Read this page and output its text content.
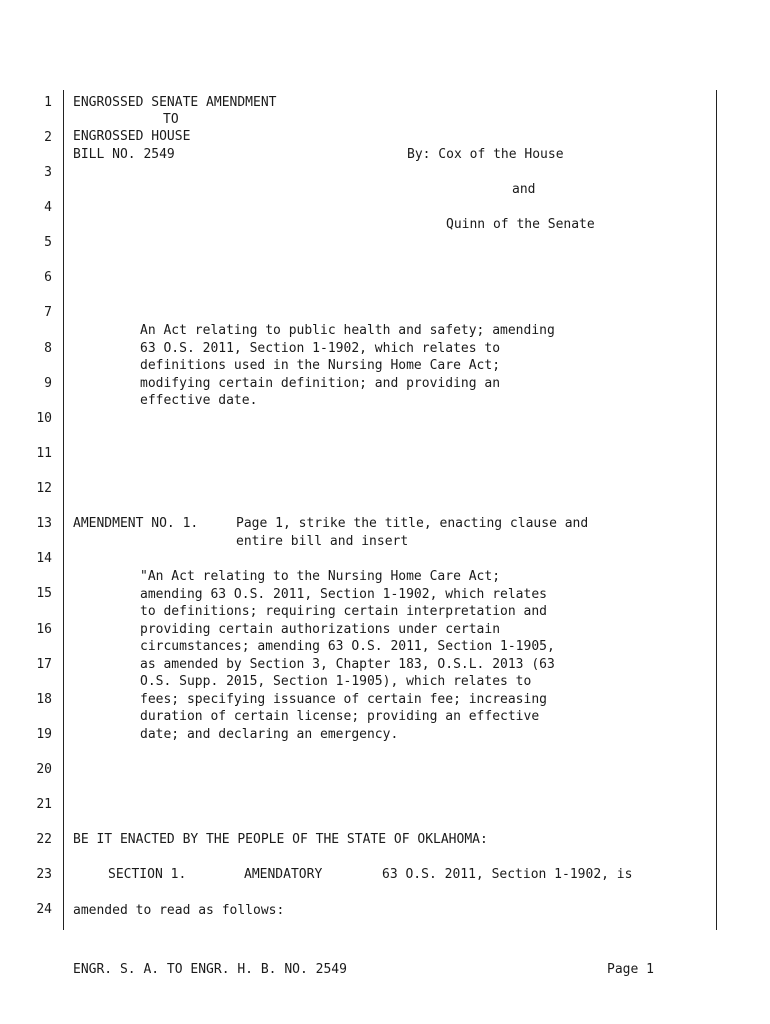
1
2
3
4
5
6
7
8
9
10
11
12
13
14
15
16
17
18
19
20
21
22
23
24
ENGROSSED SENATE AMENDMENT
TO
ENGROSSED HOUSE
BILL NO. 2549	By: Cox of the House
and
Quinn of the Senate
An Act relating to public health and safety; amending
63 O.S. 2011, Section 1-1902, which relates to
definitions used in the Nursing Home Care Act;
modifying certain definition; and providing an
effective date.
AMENDMENT NO. 1.	Page 1, strike the title, enacting clause and
entire bill and insert
"An Act relating to the Nursing Home Care Act;
amending 63 O.S. 2011, Section 1-1902, which relates
to definitions; requiring certain interpretation and
providing certain authorizations under certain
circumstances; amending 63 O.S. 2011, Section 1-1905,
as amended by Section 3, Chapter 183, O.S.L. 2013 (63
O.S. Supp. 2015, Section 1-1905), which relates to
fees; specifying issuance of certain fee; increasing
duration of certain license; providing an effective
date; and declaring an emergency.
BE IT ENACTED BY THE PEOPLE OF THE STATE OF OKLAHOMA:
SECTION 1.	AMENDATORY	63 O.S. 2011, Section 1-1902, is
amended to read as follows:
ENGR. S. A. TO ENGR. H. B. NO. 2549	Page 1
